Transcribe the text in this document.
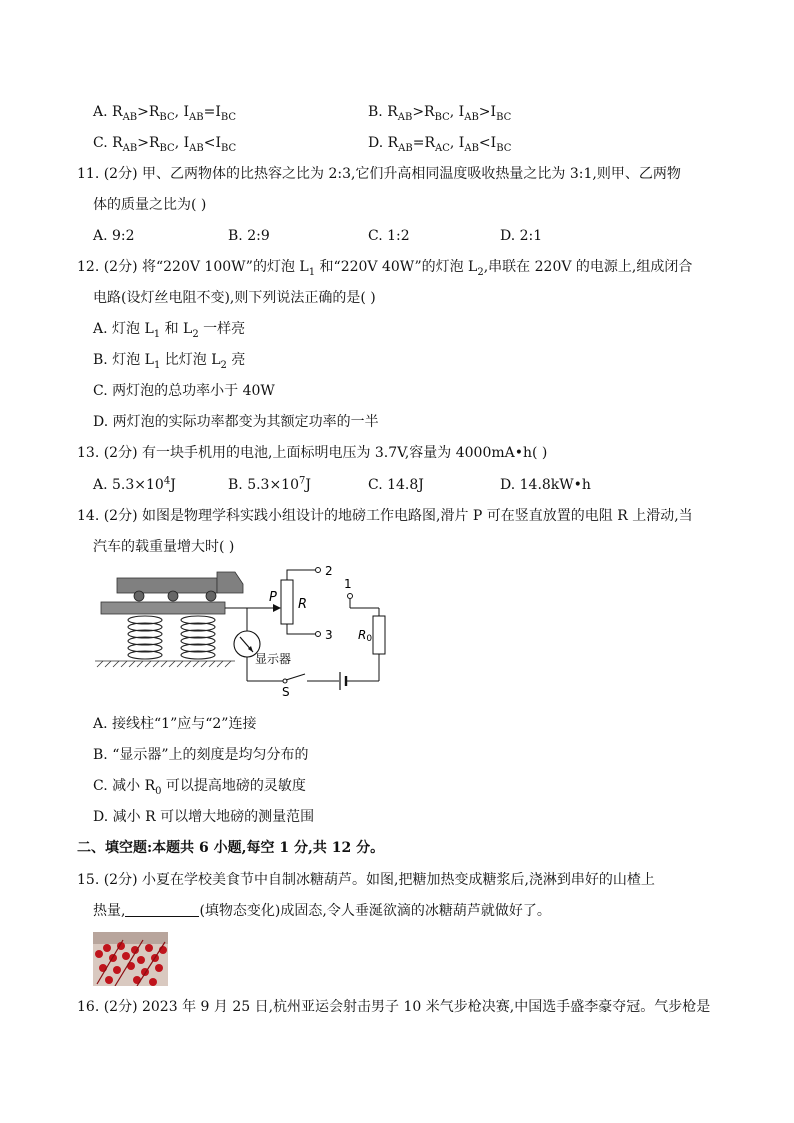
A. $R_{AB}>R_{BC}$, $I_{AB}=I_{BC}$	B. $R_{AB}>R_{BC}$, $I_{AB}>I_{BC}$
C. $R_{AB}>R_{BC}$, $I_{AB}<I_{BC}$	D. $R_{AB}=R_{AC}$, $I_{AB}<I_{BC}$
11. (2分) 甲、乙两物体的比热容之比为 2:3,它们升高相同温度吸收热量之比为 3:1,则甲、乙两物
体的质量之比为( )
A. 9:2	B. 2:9	C. 1:2	D. 2:1
12. (2分) 将“220V 100W”的灯泡 $L_1$ 和“220V 40W”的灯泡 $L_2$,串联在 220V 的电源上,组成闭合
电路(设灯丝电阻不变),则下列说法正确的是( )
A. 灯泡 $L_1$ 和 $L_2$ 一样亮
B. 灯泡 $L_1$ 比灯泡 $L_2$ 亮
C. 两灯泡的总功率小于 40W
D. 两灯泡的实际功率都变为其额定功率的一半
13. (2分) 有一块手机用的电池,上面标明电压为 3.7V,容量为 4000mA•h( )
A. $5.3\times 10^4J$	B. $5.3\times 10^7J$	C. 14.8J	D. 14.8kW•h
14. (2分) 如图是物理学科实践小组设计的地磅工作电路图,滑片 P 可在竖直放置的电阻 R 上滑动,当
汽车的载重量增大时( )
2
1
P R
3 R0
显示器
S
A. 接线柱“1”应与“2”连接
B. “显示器”上的刻度是均匀分布的
C. 减小 $R_0$ 可以提高地磅的灵敏度
D. 减小 R 可以增大地磅的测量范围
二、填空题:本题共 6 小题,每空 1 分,共 12 分。
15. (2分) 小夏在学校美食节中自制冰糖葫芦。如图,把糖加热变成糖浆后,浇淋到串好的山楂上
热量,	(填物态变化)成固态,令人垂涎欲滴的冰糖葫芦就做好了。
16. (2分) 2023 年 9 月 25 日,杭州亚运会射击男子 10 米气步枪决赛,中国选手盛李豪夺冠。气步枪是
